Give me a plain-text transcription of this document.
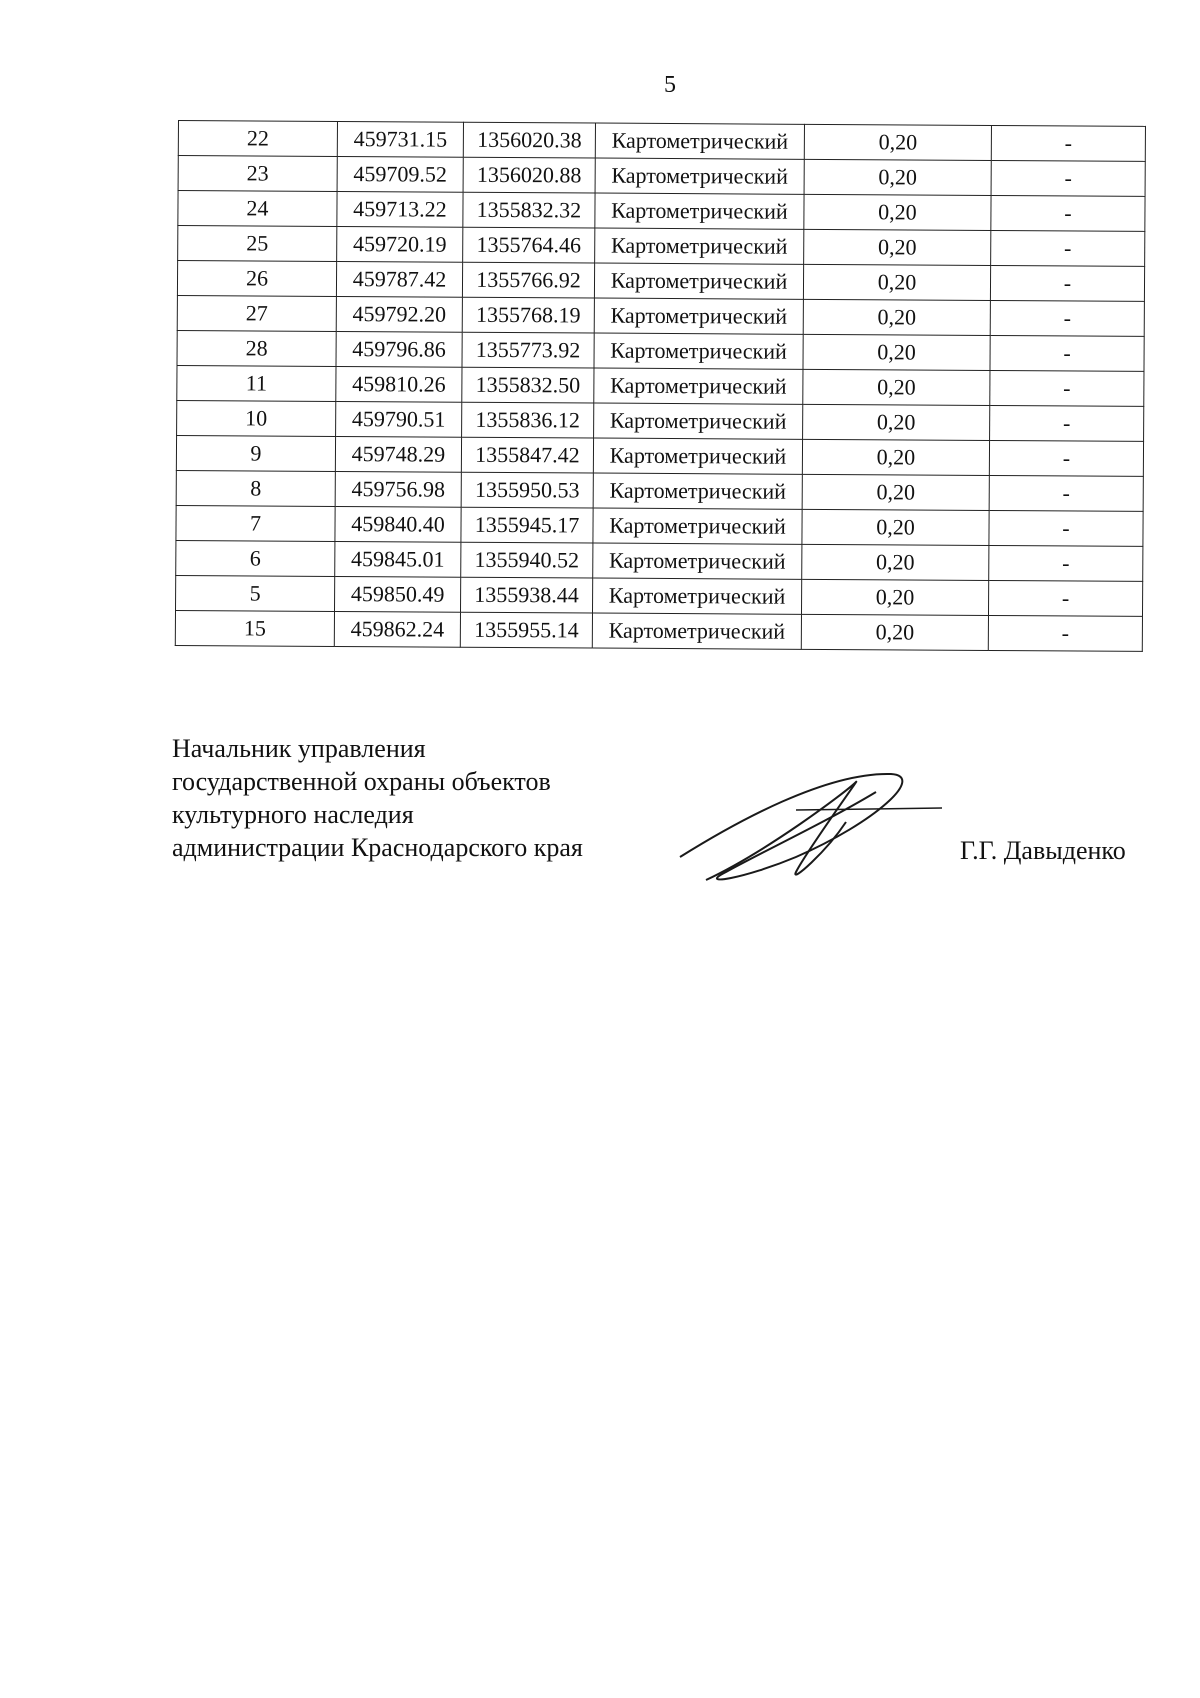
5
22	459731.15	1356020.38	Картометрический	0,20	-
23	459709.52	1356020.88	Картометрический	0,20	-
24	459713.22	1355832.32	Картометрический	0,20	-
25	459720.19	1355764.46	Картометрический	0,20	-
26	459787.42	1355766.92	Картометрический	0,20	-
27	459792.20	1355768.19	Картометрический	0,20	-
28	459796.86	1355773.92	Картометрический	0,20	-
11	459810.26	1355832.50	Картометрический	0,20	-
10	459790.51	1355836.12	Картометрический	0,20	-
9	459748.29	1355847.42	Картометрический	0,20	-
8	459756.98	1355950.53	Картометрический	0,20	-
7	459840.40	1355945.17	Картометрический	0,20	-
6	459845.01	1355940.52	Картометрический	0,20	-
5	459850.49	1355938.44	Картометрический	0,20	-
15	459862.24	1355955.14	Картометрический	0,20	-
Начальник управления
государственной охраны объектов
культурного наследия
администрации Краснодарского края	Г.Г. Давыденко
